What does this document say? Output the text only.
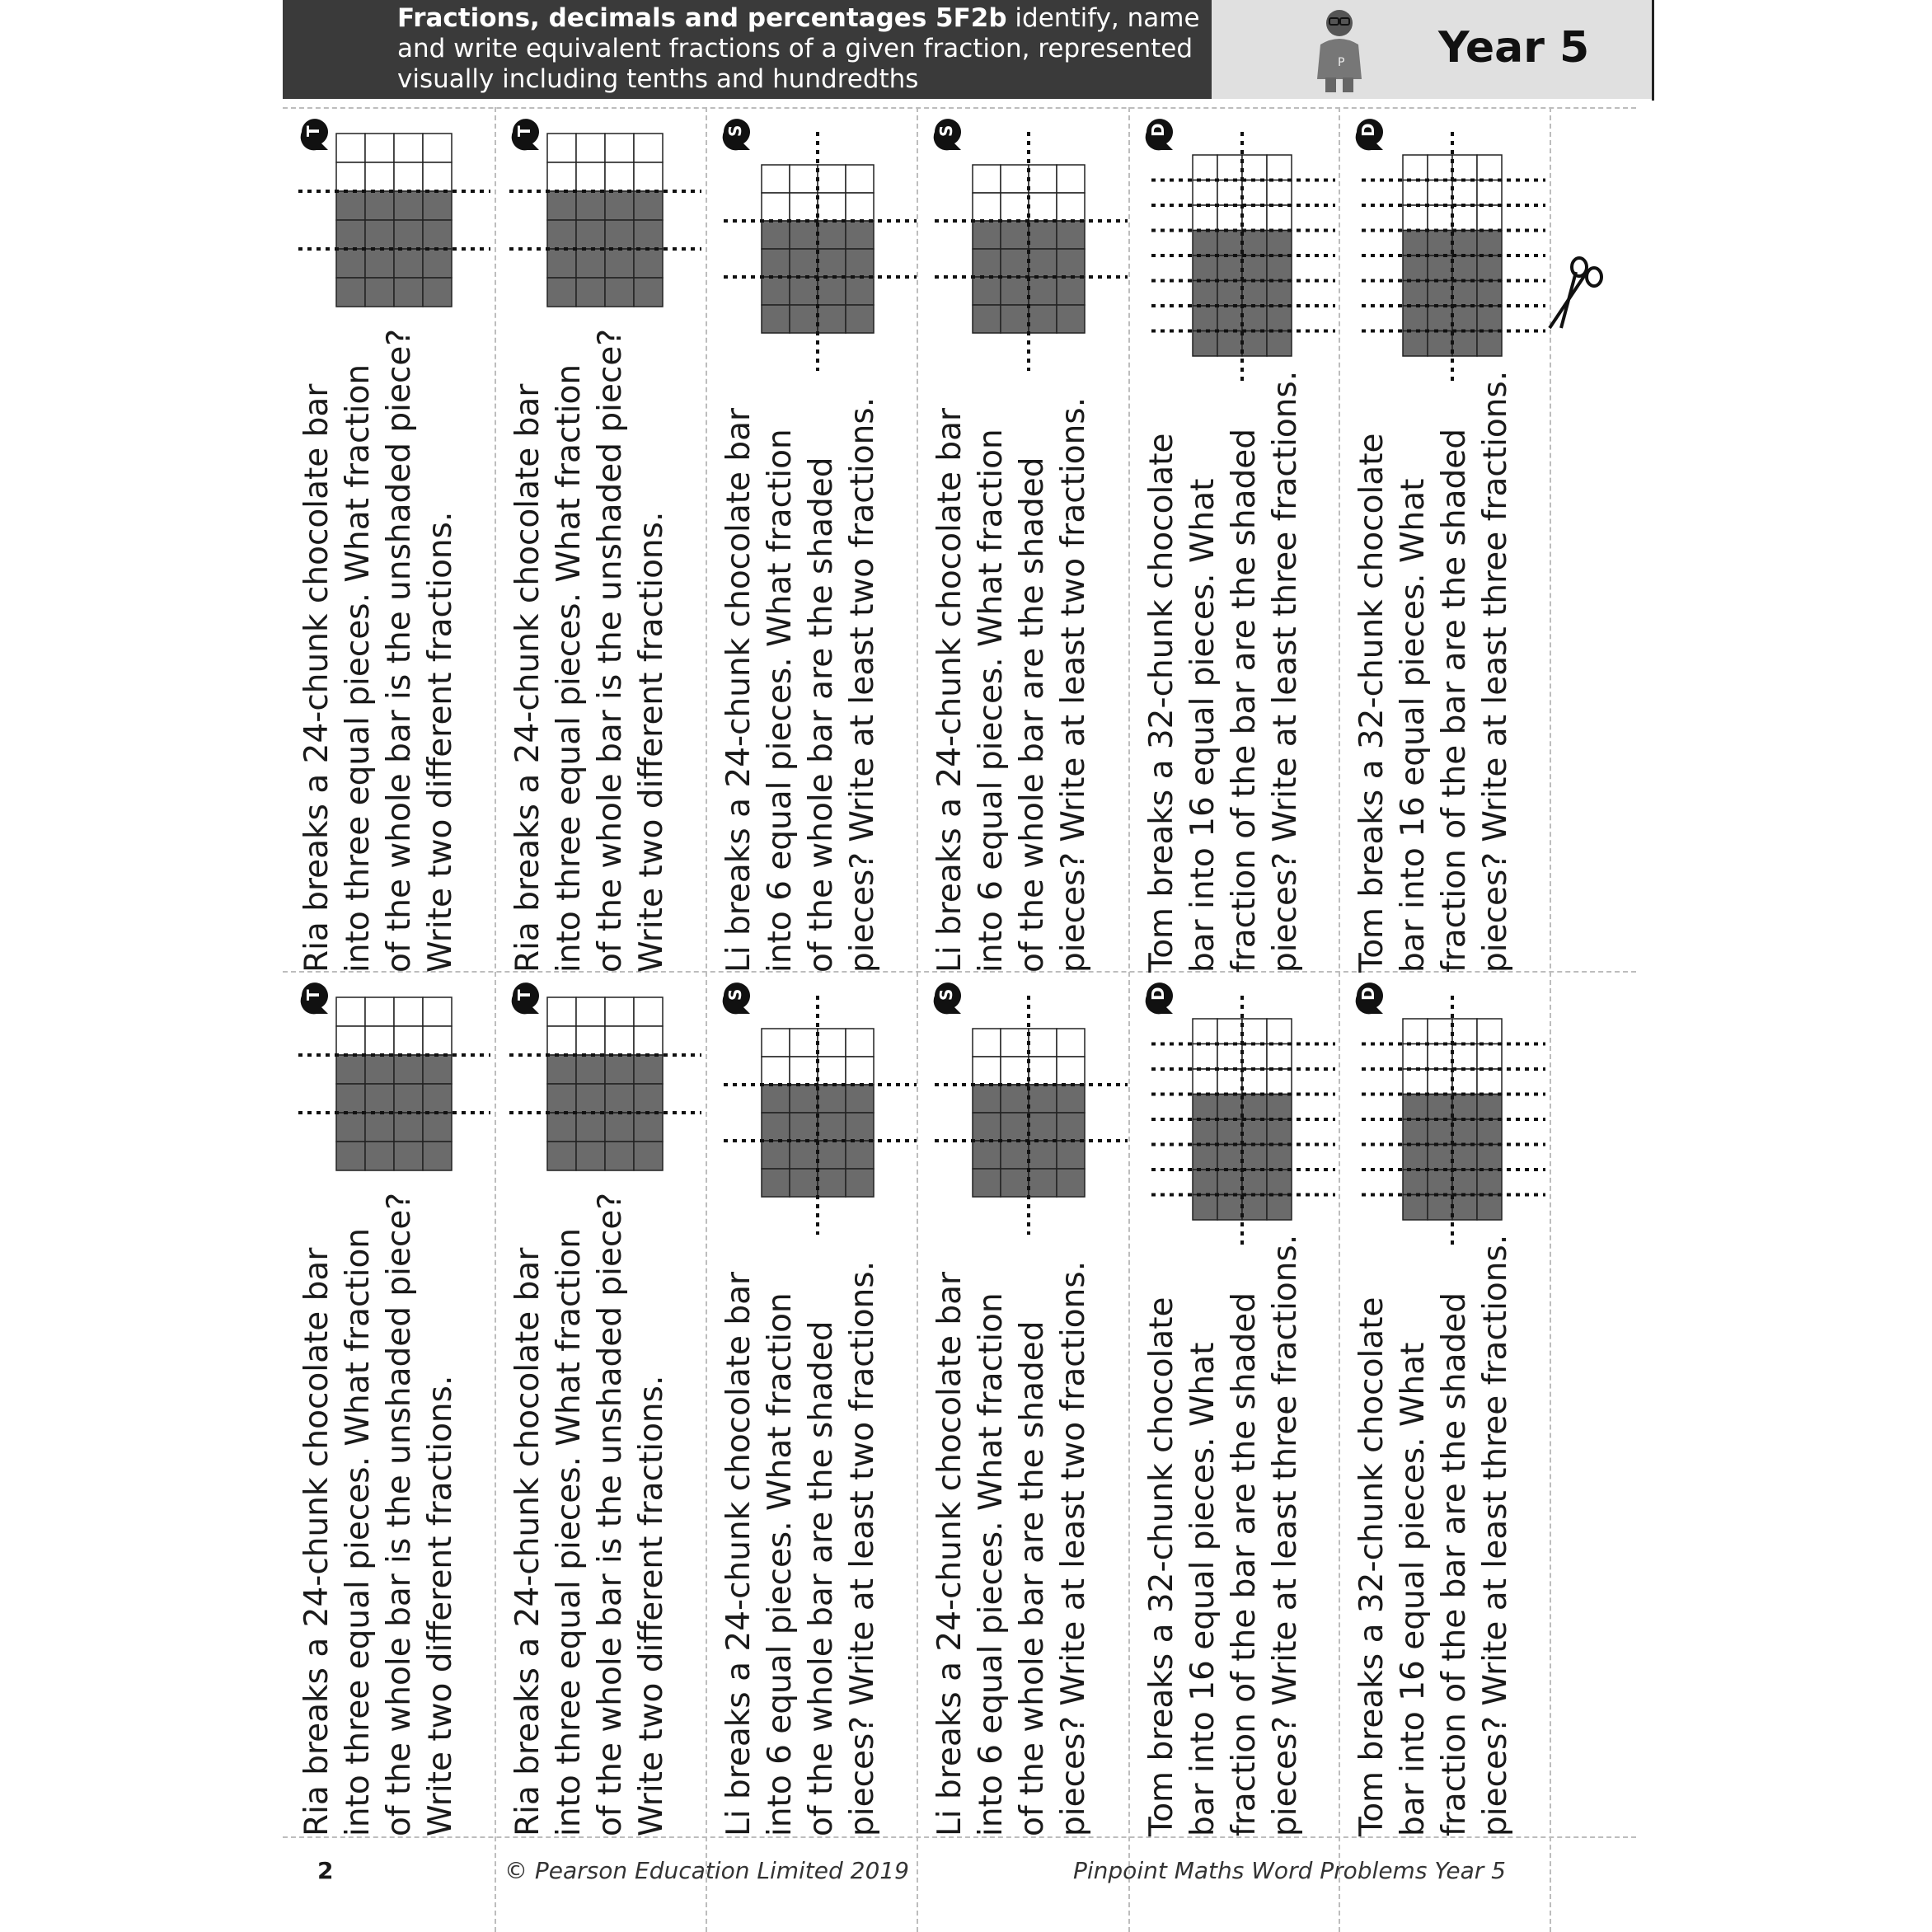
Fractions, decimals and percentages 5F2b identify, name and write equivalent fractions of a given fraction, represented visually including tenths and hundredths
P Year 5
T
Ria breaks a 24-chunk chocolate bar into three equal pieces. What fraction of the whole bar is the unshaded piece? Write two different fractions.
T
Ria breaks a 24-chunk chocolate bar into three equal pieces. What fraction of the whole bar is the unshaded piece? Write two different fractions.
S
Li breaks a 24-chunk chocolate bar into 6 equal pieces. What fraction of the whole bar are the shaded pieces? Write at least two fractions.
S
Li breaks a 24-chunk chocolate bar into 6 equal pieces. What fraction of the whole bar are the shaded pieces? Write at least two fractions.
D
Tom breaks a 32-chunk chocolate bar into 16 equal pieces. What fraction of the bar are the shaded pieces? Write at least three fractions.
D
Tom breaks a 32-chunk chocolate bar into 16 equal pieces. What fraction of the bar are the shaded pieces? Write at least three fractions.
T
Ria breaks a 24-chunk chocolate bar into three equal pieces. What fraction of the whole bar is the unshaded piece? Write two different fractions.
T
Ria breaks a 24-chunk chocolate bar into three equal pieces. What fraction of the whole bar is the unshaded piece? Write two different fractions.
S
Li breaks a 24-chunk chocolate bar into 6 equal pieces. What fraction of the whole bar are the shaded pieces? Write at least two fractions.
S
Li breaks a 24-chunk chocolate bar into 6 equal pieces. What fraction of the whole bar are the shaded pieces? Write at least two fractions.
D
Tom breaks a 32-chunk chocolate bar into 16 equal pieces. What fraction of the bar are the shaded pieces? Write at least three fractions.
D
Tom breaks a 32-chunk chocolate bar into 16 equal pieces. What fraction of the bar are the shaded pieces? Write at least three fractions.
2	© Pearson Education Limited 2019	Pinpoint Maths Word Problems Year 5
